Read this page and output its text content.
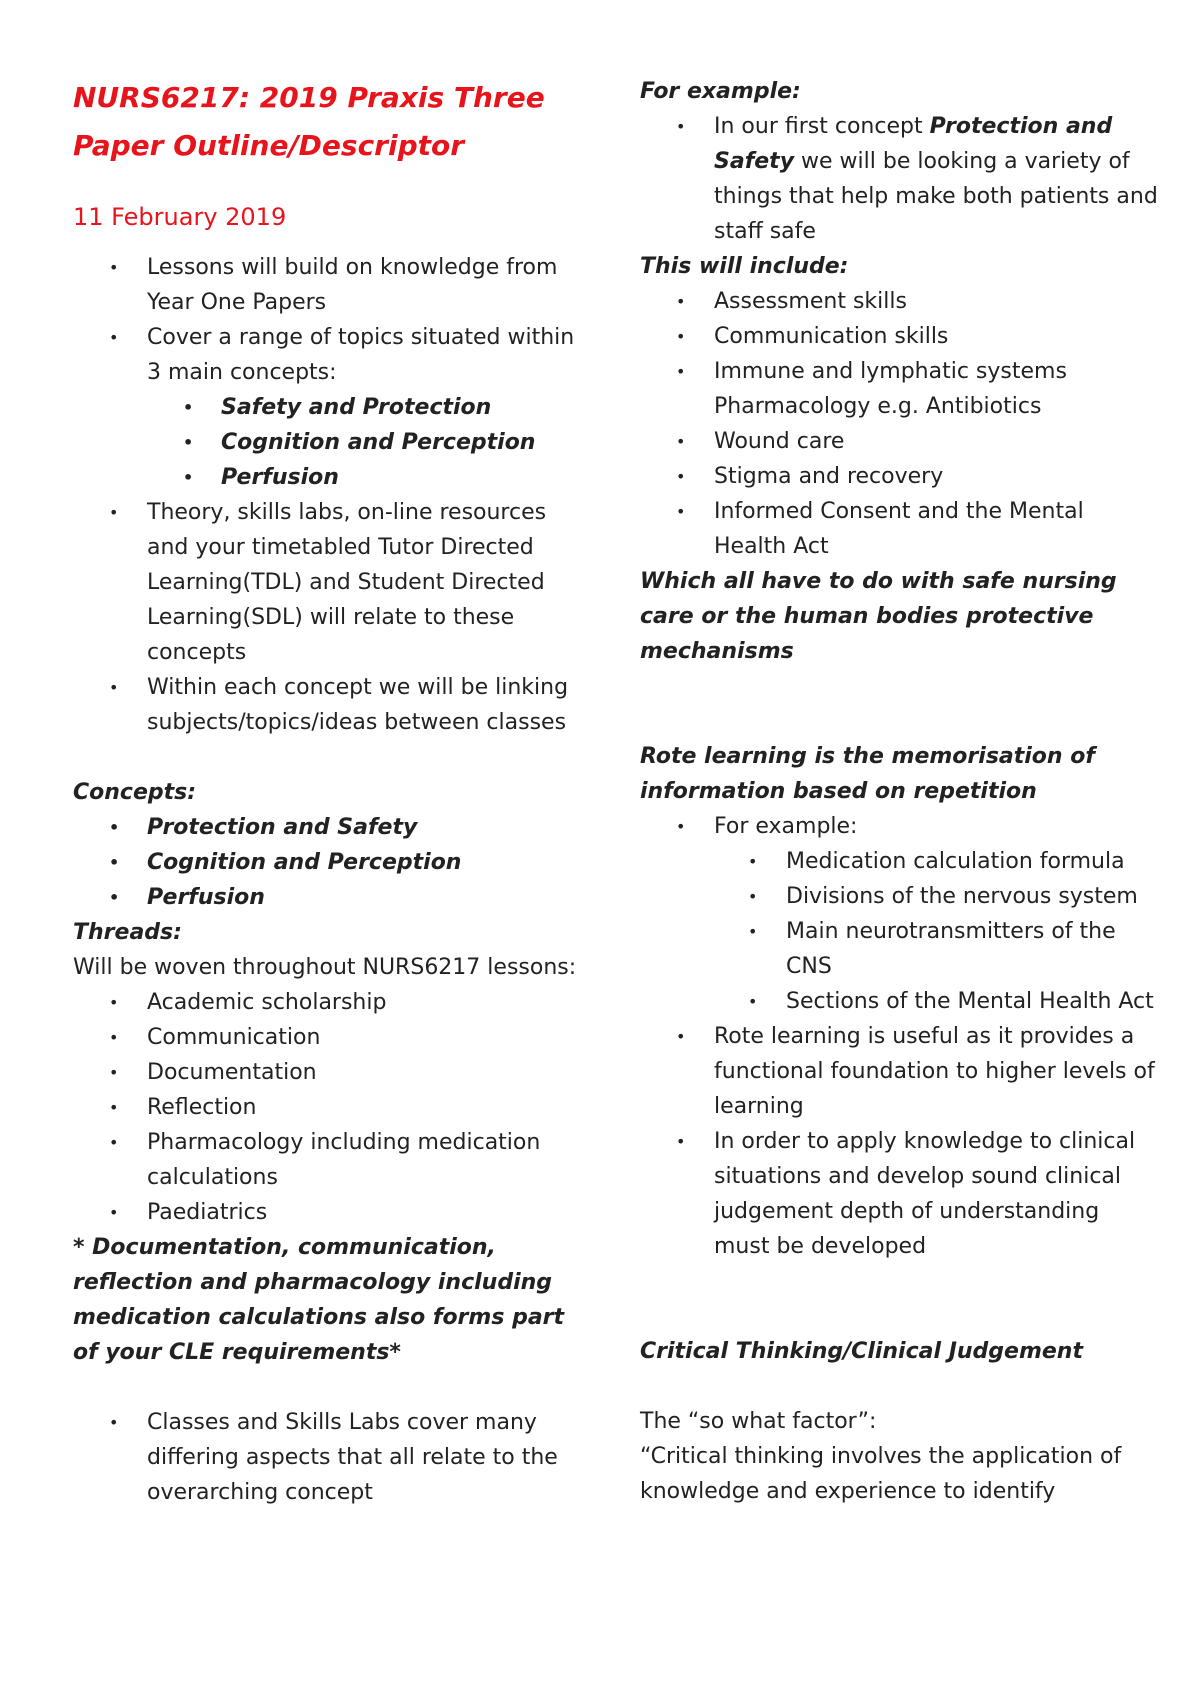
NURS6217: 2019 Praxis Three Paper Outline/Descriptor
11 February 2019
• Lessons will build on knowledge from Year One Papers
• Cover a range of topics situated within 3 main concepts:
• Safety and Protection
• Cognition and Perception
• Perfusion
• Theory, skills labs, on-line resources and your timetabled Tutor Directed Learning(TDL) and Student Directed Learning(SDL) will relate to these concepts
• Within each concept we will be linking subjects/topics/ideas between classes

Concepts:

• Protection and Safety
• Cognition and Perception
• Perfusion

Threads:

Will be woven throughout NURS6217 lessons:

• Academic scholarship
• Communication
• Documentation
• Reflection
• Pharmacology including medication calculations
• Paediatrics

* Documentation, communication, reflection and pharmacology including medication calculations also forms part of your CLE requirements*

• Classes and Skills Labs cover many differing aspects that all relate to the overarching concept

For example:

• In our first concept Protection and Safety we will be looking a variety of things that help make both patients and staff safe

This will include:

• Assessment skills
• Communication skills
• Immune and lymphatic systems Pharmacology e.g. Antibiotics
• Wound care
• Stigma and recovery
• Informed Consent and the Mental Health Act

Which all have to do with safe nursing care or the human bodies protective mechanisms

Rote learning is the memorisation of information based on repetition

• For example:
• Medication calculation formula
• Divisions of the nervous system
• Main neurotransmitters of the CNS
• Sections of the Mental Health Act
• Rote learning is useful as it provides a functional foundation to higher levels of learning
• In order to apply knowledge to clinical situations and develop sound clinical judgement depth of understanding must be developed

Critical Thinking/Clinical Judgement

The “so what factor”:

“Critical thinking involves the application of knowledge and experience to identify
